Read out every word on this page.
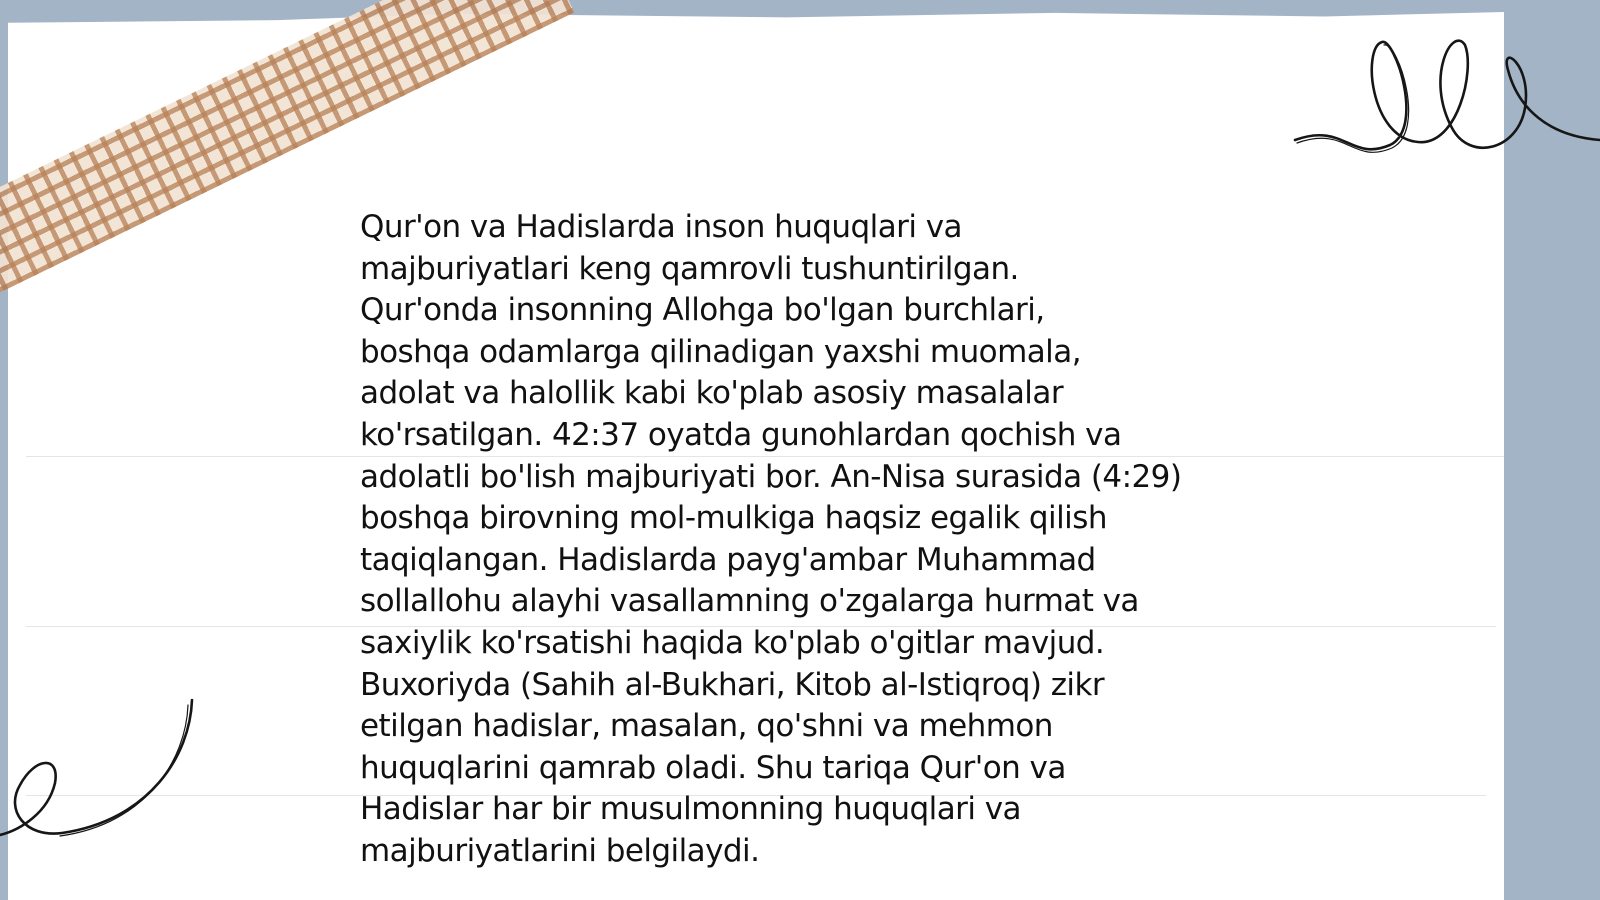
Qur'on va Hadislarda inson huquqlari va
majburiyatlari keng qamrovli tushuntirilgan.
Qur'onda insonning Allohga bo'lgan burchlari,
boshqa odamlarga qilinadigan yaxshi muomala,
adolat va halollik kabi ko'plab asosiy masalalar
ko'rsatilgan. 42:37 oyatda gunohlardan qochish va
adolatli bo'lish majburiyati bor. An-Nisa surasida (4:29)
boshqa birovning mol-mulkiga haqsiz egalik qilish
taqiqlangan. Hadislarda payg'ambar Muhammad
sollallohu alayhi vasallamning o'zgalarga hurmat va
saxiylik ko'rsatishi haqida ko'plab o'gitlar mavjud.
Buxoriyda (Sahih al-Bukhari, Kitob al-Istiqroq) zikr
etilgan hadislar, masalan, qo'shni va mehmon
huquqlarini qamrab oladi. Shu tariqa Qur'on va
Hadislar har bir musulmonning huquqlari va
majburiyatlarini belgilaydi.
